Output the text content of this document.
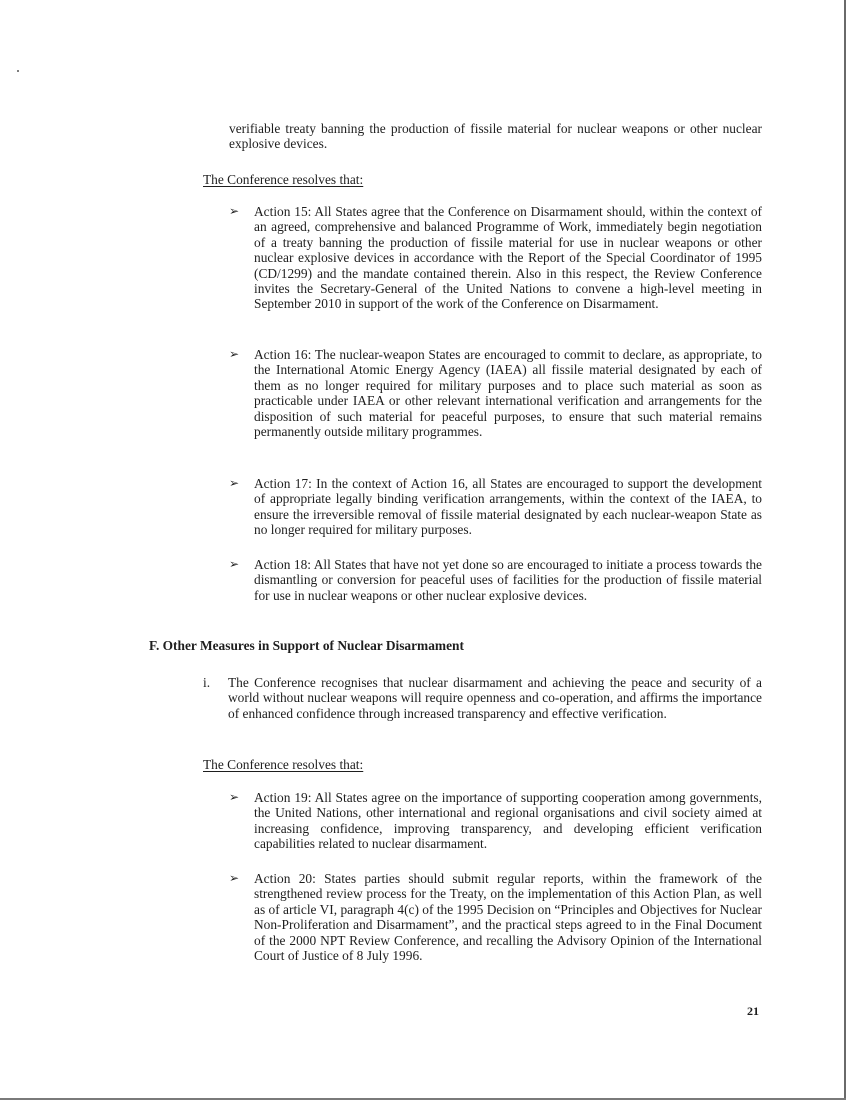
verifiable treaty banning the production of fissile material for nuclear weapons or other nuclear explosive devices.

The Conference resolves that:
➢ Action 15: All States agree that the Conference on Disarmament should, within the context of an agreed, comprehensive and balanced Programme of Work, immediately begin negotiation of a treaty banning the production of fissile material for use in nuclear weapons or other nuclear explosive devices in accordance with the Report of the Special Coordinator of 1995 (CD/1299) and the mandate contained therein. Also in this respect, the Review Conference invites the Secretary-General of the United Nations to convene a high-level meeting in September 2010 in support of the work of the Conference on Disarmament.

➢ Action 16: The nuclear-weapon States are encouraged to commit to declare, as appropriate, to the International Atomic Energy Agency (IAEA) all fissile material designated by each of them as no longer required for military purposes and to place such material as soon as practicable under IAEA or other relevant international verification and arrangements for the disposition of such material for peaceful purposes, to ensure that such material remains permanently outside military programmes.

➢ Action 17: In the context of Action 16, all States are encouraged to support the development of appropriate legally binding verification arrangements, within the context of the IAEA, to ensure the irreversible removal of fissile material designated by each nuclear-weapon State as no longer required for military purposes.

➢ Action 18: All States that have not yet done so are encouraged to initiate a process towards the dismantling or conversion for peaceful uses of facilities for the production of fissile material for use in nuclear weapons or other nuclear explosive devices.

F. Other Measures in Support of Nuclear Disarmament
i. The Conference recognises that nuclear disarmament and achieving the peace and security of a world without nuclear weapons will require openness and co-operation, and affirms the importance of enhanced confidence through increased transparency and effective verification.

The Conference resolves that:
➢ Action 19: All States agree on the importance of supporting cooperation among governments, the United Nations, other international and regional organisations and civil society aimed at increasing confidence, improving transparency, and developing efficient verification capabilities related to nuclear disarmament.

➢ Action 20: States parties should submit regular reports, within the framework of the strengthened review process for the Treaty, on the implementation of this Action Plan, as well as of article VI, paragraph 4(c) of the 1995 Decision on “Principles and Objectives for Nuclear Non-Proliferation and Disarmament”, and the practical steps agreed to in the Final Document of the 2000 NPT Review Conference, and recalling the Advisory Opinion of the International Court of Justice of 8 July 1996.

21
